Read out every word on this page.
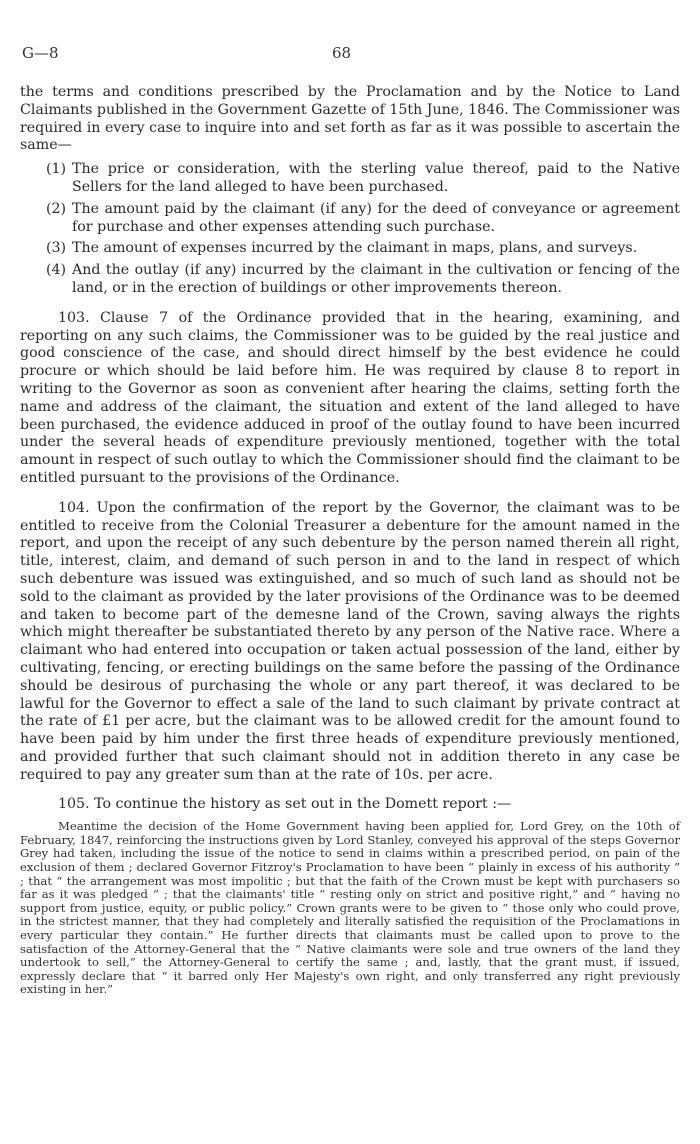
G—8	68

the terms and conditions prescribed by the Proclamation and by the Notice to Land Claimants published in the Government Gazette of 15th June, 1846. The Commissioner was required in every case to inquire into and set forth as far as it was possible to ascertain the same—

(1) The price or consideration, with the sterling value thereof, paid to the Native Sellers for the land alleged to have been purchased.
(2) The amount paid by the claimant (if any) for the deed of conveyance or agreement for purchase and other expenses attending such purchase.
(3) The amount of expenses incurred by the claimant in maps, plans, and surveys.
(4) And the outlay (if any) incurred by the claimant in the cultivation or fencing of the land, or in the erection of buildings or other improvements thereon.

103. Clause 7 of the Ordinance provided that in the hearing, examining, and reporting on any such claims, the Commissioner was to be guided by the real justice and good conscience of the case, and should direct himself by the best evidence he could procure or which should be laid before him. He was required by clause 8 to report in writing to the Governor as soon as convenient after hearing the claims, setting forth the name and address of the claimant, the situation and extent of the land alleged to have been purchased, the evidence adduced in proof of the outlay found to have been incurred under the several heads of expenditure previously mentioned, together with the total amount in respect of such outlay to which the Commissioner should find the claimant to be entitled pursuant to the provisions of the Ordinance.

104. Upon the confirmation of the report by the Governor, the claimant was to be entitled to receive from the Colonial Treasurer a debenture for the amount named in the report, and upon the receipt of any such debenture by the person named therein all right, title, interest, claim, and demand of such person in and to the land in respect of which such debenture was issued was extinguished, and so much of such land as should not be sold to the claimant as provided by the later provisions of the Ordinance was to be deemed and taken to become part of the demesne land of the Crown, saving always the rights which might thereafter be substantiated thereto by any person of the Native race. Where a claimant who had entered into occupation or taken actual possession of the land, either by cultivating, fencing, or erecting buildings on the same before the passing of the Ordinance should be desirous of purchasing the whole or any part thereof, it was declared to be lawful for the Governor to effect a sale of the land to such claimant by private contract at the rate of £1 per acre, but the claimant was to be allowed credit for the amount found to have been paid by him under the first three heads of expenditure previously mentioned, and provided further that such claimant should not in addition thereto in any case be required to pay any greater sum than at the rate of 10s. per acre.

105. To continue the history as set out in the Domett report :—

Meantime the decision of the Home Government having been applied for, Lord Grey, on the 10th of February, 1847, reinforcing the instructions given by Lord Stanley, conveyed his approval of the steps Governor Grey had taken, including the issue of the notice to send in claims within a prescribed period, on pain of the exclusion of them ; declared Governor Fitzroy's Proclamation to have been “ plainly in excess of his authority ” ; that “ the arrangement was most impolitic ; but that the faith of the Crown must be kept with purchasers so far as it was pledged ” ; that the claimants' title “ resting only on strict and positive right,” and “ having no support from justice, equity, or public policy.” Crown grants were to be given to “ those only who could prove, in the strictest manner, that they had completely and literally satisfied the requisition of the Proclamations in every particular they contain.” He further directs that claimants must be called upon to prove to the satisfaction of the Attorney-General that the “ Native claimants were sole and true owners of the land they undertook to sell,” the Attorney-General to certify the same ; and, lastly, that the grant must, if issued, expressly declare that “ it barred only Her Majesty's own right, and only transferred any right previously existing in her.”
